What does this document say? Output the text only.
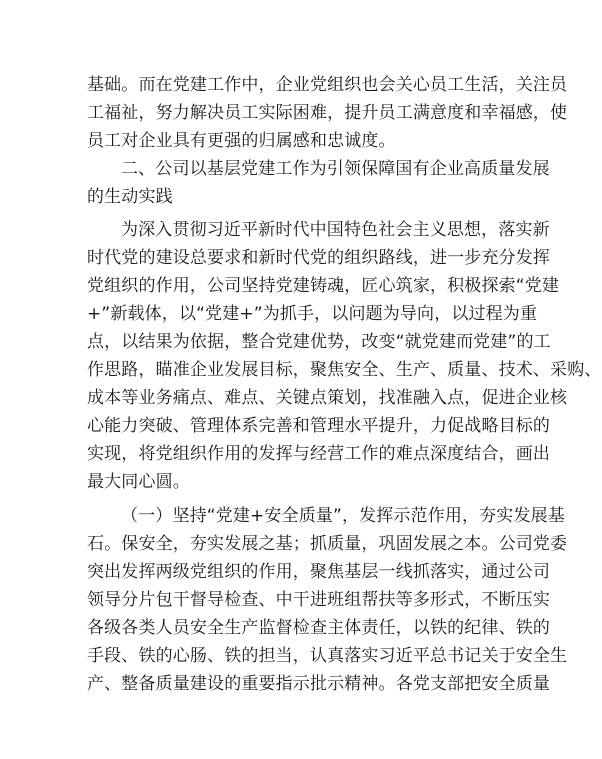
基础。而在党建工作中，企业党组织也会关心员工生活，关注员
工福祉，努力解决员工实际困难，提升员工满意度和幸福感，使
员工对企业具有更强的归属感和忠诚度。
二、公司以基层党建工作为引领保障国有企业高质量发展
的生动实践
为深入贯彻习近平新时代中国特色社会主义思想，落实新
时代党的建设总要求和新时代党的组织路线，进一步充分发挥
党组织的作用，公司坚持党建铸魂，匠心筑家，积极探索“党建
+”新载体，以“党建+”为抓手，以问题为导向，以过程为重
点，以结果为依据，整合党建优势，改变“就党建而党建”的工
作思路，瞄准企业发展目标，聚焦安全、生产、质量、技术、采购、
成本等业务痛点、难点、关键点策划，找准融入点，促进企业核
心能力突破、管理体系完善和管理水平提升，力促战略目标的
实现，将党组织作用的发挥与经营工作的难点深度结合，画出
最大同心圆。
（一）坚持“党建+安全质量”，发挥示范作用，夯实发展基
石。保安全，夯实发展之基；抓质量，巩固发展之本。公司党委
突出发挥两级党组织的作用，聚焦基层一线抓落实，通过公司
领导分片包干督导检查、中干进班组帮扶等多形式，不断压实
各级各类人员安全生产监督检查主体责任，以铁的纪律、铁的
手段、铁的心肠、铁的担当，认真落实习近平总书记关于安全生
产、整备质量建设的重要指示批示精神。各党支部把安全质量
